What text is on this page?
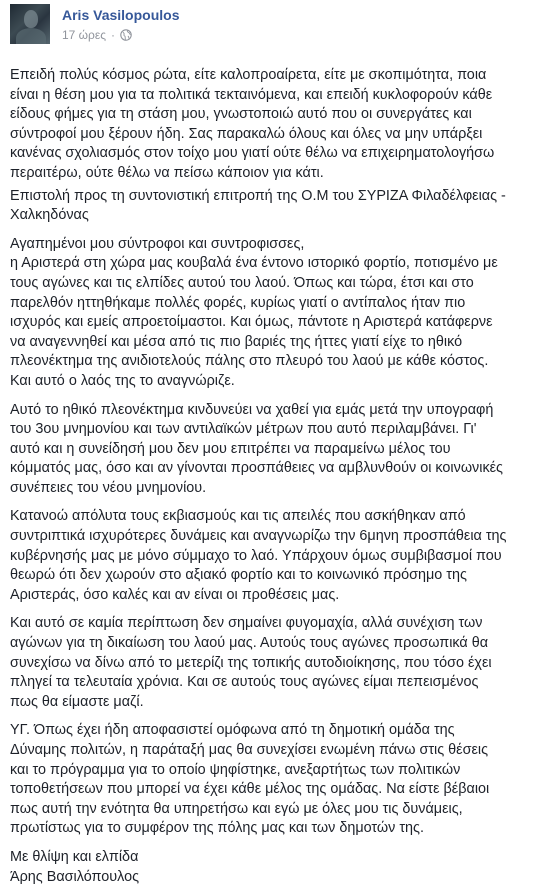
Aris Vasilopoulos
17 ώρες ·

Επειδή πολύς κόσμος ρώτα, είτε καλοπροαίρετα, είτε με σκοπιμότητα, ποια
είναι η θέση μου για τα πολιτικά τεκταινόμενα, και επειδή κυκλοφορούν κάθε
είδους φήμες για τη στάση μου, γνωστοποιώ αυτό που οι συνεργάτες και
σύντροφοί μου ξέρουν ήδη. Σας παρακαλώ όλους και όλες να μην υπάρξει
κανένας σχολιασμός στον τοίχο μου γιατί ούτε θέλω να επιχειρηματολογήσω
περαιτέρω, ούτε θέλω να πείσω κάποιον για κάτι.

Επιστολή προς τη συντονιστική επιτροπή της Ο.Μ του ΣΥΡΙΖΑ Φιλαδέλφειας -
Χαλκηδόνας

Αγαπημένοι μου σύντροφοι και συντροφισσες,
η Αριστερά στη χώρα μας κουβαλά ένα έντονο ιστορικό φορτίο, ποτισμένο με
τους αγώνες και τις ελπίδες αυτού του λαού. Όπως και τώρα, έτσι και στο
παρελθόν ηττηθήκαμε πολλές φορές, κυρίως γιατί ο αντίπαλος ήταν πιο
ισχυρός και εμείς απροετοίμαστοι. Και όμως, πάντοτε η Αριστερά κατάφερνε
να αναγεννηθεί και μέσα από τις πιο βαριές της ήττες γιατί είχε το ηθικό
πλεονέκτημα της ανιδιοτελούς πάλης στο πλευρό του λαού με κάθε κόστος.
Και αυτό ο λαός της το αναγνώριζε.

Αυτό το ηθικό πλεονέκτημα κινδυνεύει να χαθεί για εμάς μετά την υπογραφή
του 3ου μνημονίου και των αντιλαϊκών μέτρων που αυτό περιλαμβάνει. Γι'
αυτό και η συνείδησή μου δεν μου επιτρέπει να παραμείνω μέλος του
κόμματός μας, όσο και αν γίνονται προσπάθειες να αμβλυνθούν οι κοινωνικές
συνέπειες του νέου μνημονίου.

Κατανοώ απόλυτα τους εκβιασμούς και τις απειλές που ασκήθηκαν από
συντριπτικά ισχυρότερες δυνάμεις και αναγνωρίζω την 6μηνη προσπάθεια της
κυβέρνησής μας με μόνο σύμμαχο το λαό. Υπάρχουν όμως συμβιβασμοί που
θεωρώ ότι δεν χωρούν στο αξιακό φορτίο και το κοινωνικό πρόσημο της
Αριστεράς, όσο καλές και αν είναι οι προθέσεις μας.

Και αυτό σε καμία περίπτωση δεν σημαίνει φυγομαχία, αλλά συνέχιση των
αγώνων για τη δικαίωση του λαού μας. Αυτούς τους αγώνες προσωπικά θα
συνεχίσω να δίνω από το μετερίζι της τοπικής αυτοδιοίκησης, που τόσο έχει
πληγεί τα τελευταία χρόνια. Και σε αυτούς τους αγώνες είμαι πεπεισμένος
πως θα είμαστε μαζί.

ΥΓ. Όπως έχει ήδη αποφασιστεί ομόφωνα από τη δημοτική ομάδα της
Δύναμης πολιτών, η παράταξή μας θα συνεχίσει ενωμένη πάνω στις θέσεις
και το πρόγραμμα για το οποίο ψηφίστηκε, ανεξαρτήτως των πολιτικών
τοποθετήσεων που μπορεί να έχει κάθε μέλος της ομάδας. Να είστε βέβαιοι
πως αυτή την ενότητα θα υπηρετήσω και εγώ με όλες μου τις δυνάμεις,
πρωτίστως για το συμφέρον της πόλης μας και των δημοτών της.

Με θλίψη και ελπίδα
Άρης Βασιλόπουλος
